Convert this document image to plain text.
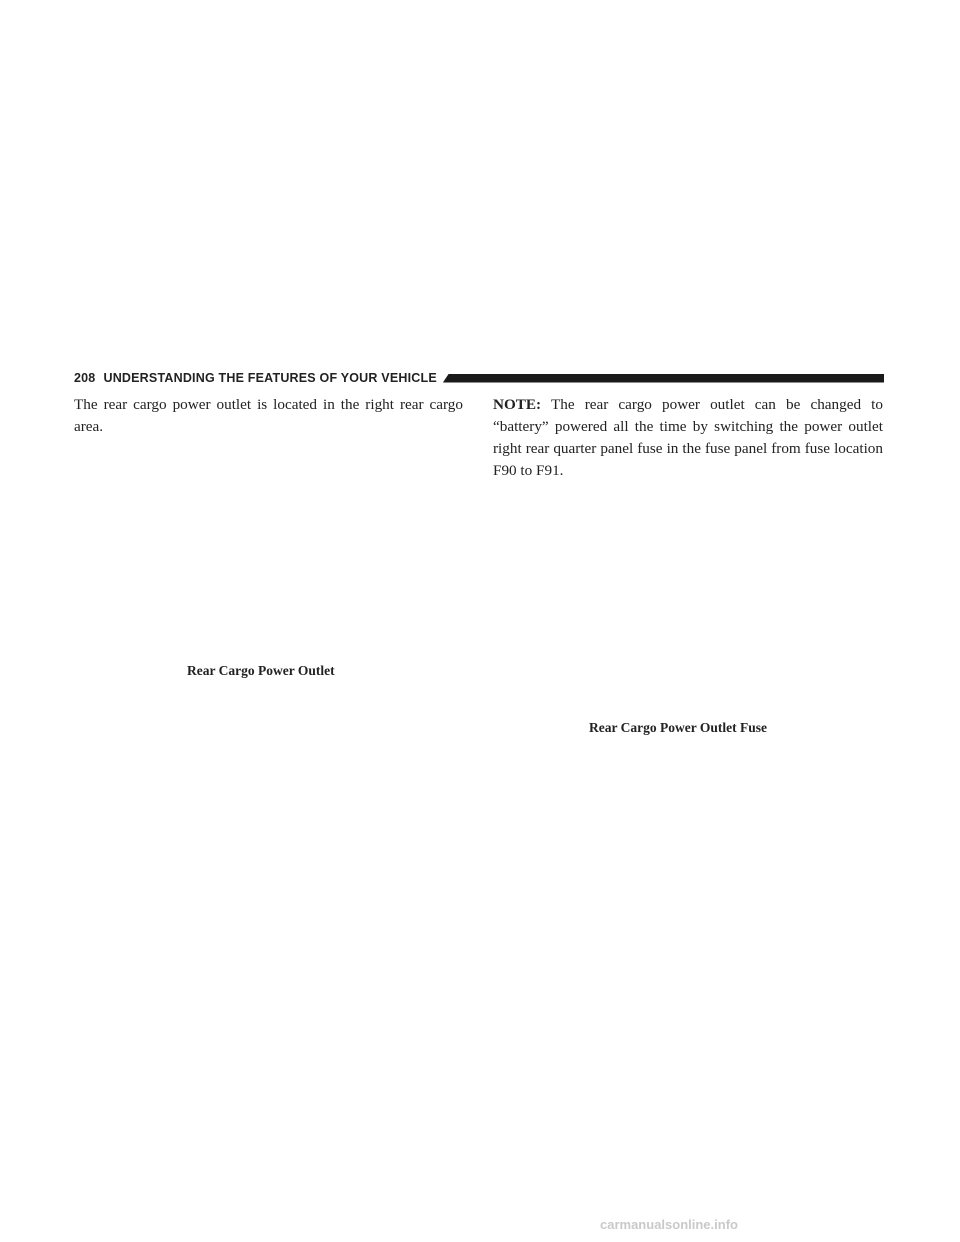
208 UNDERSTANDING THE FEATURES OF YOUR VEHICLE

The rear cargo power outlet is located in the right rear cargo area.

Rear Cargo Power Outlet

NOTE: The rear cargo power outlet can be changed to “battery” powered all the time by switching the power outlet right rear quarter panel fuse in the fuse panel from fuse location F90 to F91.

Rear Cargo Power Outlet Fuse
carmanualsonline.info
